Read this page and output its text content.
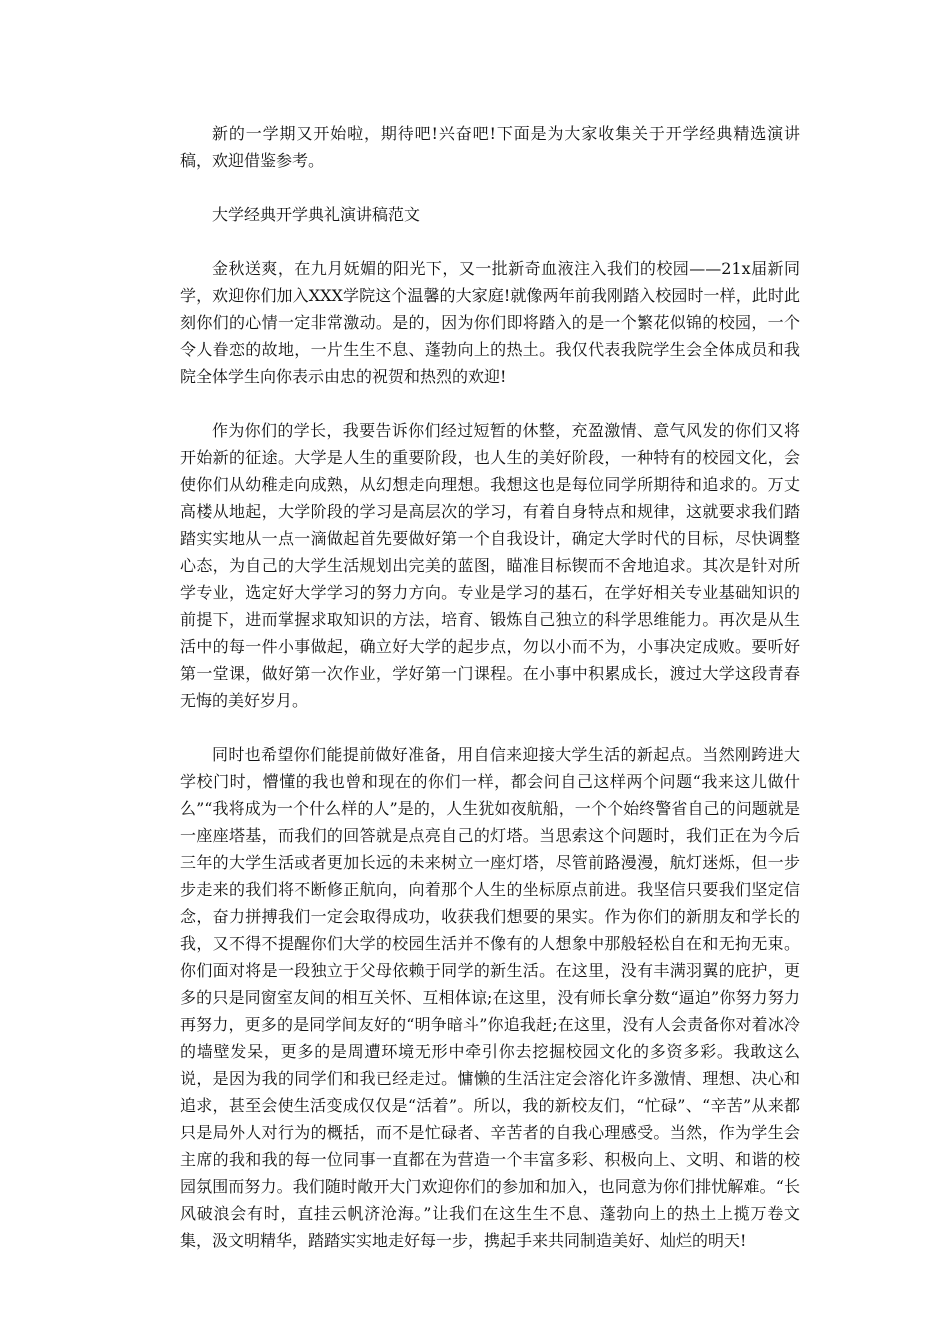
新的一学期又开始啦，期待吧!兴奋吧!下面是为大家收集关于开学经典精选演讲稿，欢迎借鉴参考。

大学经典开学典礼演讲稿范文

金秋送爽，在九月妩媚的阳光下，又一批新奇血液注入我们的校园——21x届新同学，欢迎你们加入XXX学院这个温馨的大家庭!就像两年前我刚踏入校园时一样，此时此刻你们的心情一定非常激动。是的，因为你们即将踏入的是一个繁花似锦的校园，一个令人眷恋的故地，一片生生不息、蓬勃向上的热土。我仅代表我院学生会全体成员和我院全体学生向你表示由忠的祝贺和热烈的欢迎!

作为你们的学长，我要告诉你们经过短暂的休整，充盈激情、意气风发的你们又将开始新的征途。大学是人生的重要阶段，也人生的美好阶段，一种特有的校园文化，会使你们从幼稚走向成熟，从幻想走向理想。我想这也是每位同学所期待和追求的。万丈高楼从地起，大学阶段的学习是高层次的学习，有着自身特点和规律，这就要求我们踏踏实实地从一点一滴做起首先要做好第一个自我设计，确定大学时代的目标，尽快调整心态，为自己的大学生活规划出完美的蓝图，瞄准目标锲而不舍地追求。其次是针对所学专业，选定好大学学习的努力方向。专业是学习的基石，在学好相关专业基础知识的前提下，进而掌握求取知识的方法，培育、锻炼自己独立的科学思维能力。再次是从生活中的每一件小事做起，确立好大学的起步点，勿以小而不为，小事决定成败。要听好第一堂课，做好第一次作业，学好第一门课程。在小事中积累成长，渡过大学这段青春无悔的美好岁月。

同时也希望你们能提前做好准备，用自信来迎接大学生活的新起点。当然刚跨进大学校门时，懵懂的我也曾和现在的你们一样，都会问自己这样两个问题“我来这儿做什么”“我将成为一个什么样的人”是的，人生犹如夜航船，一个个始终警省自己的问题就是一座座塔基，而我们的回答就是点亮自己的灯塔。当思索这个问题时，我们正在为今后三年的大学生活或者更加长远的未来树立一座灯塔，尽管前路漫漫，航灯迷烁，但一步步走来的我们将不断修正航向，向着那个人生的坐标原点前进。我坚信只要我们坚定信念，奋力拼搏我们一定会取得成功，收获我们想要的果实。作为你们的新朋友和学长的我，又不得不提醒你们大学的校园生活并不像有的人想象中那般轻松自在和无拘无束。你们面对将是一段独立于父母依赖于同学的新生活。在这里，没有丰满羽翼的庇护，更多的只是同窗室友间的相互关怀、互相体谅;在这里，没有师长拿分数“逼迫”你努力努力再努力，更多的是同学间友好的“明争暗斗”你追我赶;在这里，没有人会责备你对着冰冷的墙壁发呆，更多的是周遭环境无形中牵引你去挖掘校园文化的多资多彩。我敢这么说，是因为我的同学们和我已经走过。慵懒的生活注定会溶化许多激情、理想、决心和追求，甚至会使生活变成仅仅是“活着”。所以，我的新校友们，“忙碌”、“辛苦”从来都只是局外人对行为的概括，而不是忙碌者、辛苦者的自我心理感受。当然，作为学生会主席的我和我的每一位同事一直都在为营造一个丰富多彩、积极向上、文明、和谐的校园氛围而努力。我们随时敞开大门欢迎你们的参加和加入，也同意为你们排忧解难。“长风破浪会有时，直挂云帆济沧海。”让我们在这生生不息、蓬勃向上的热土上揽万卷文集，汲文明精华，踏踏实实地走好每一步，携起手来共同制造美好、灿烂的明天!
